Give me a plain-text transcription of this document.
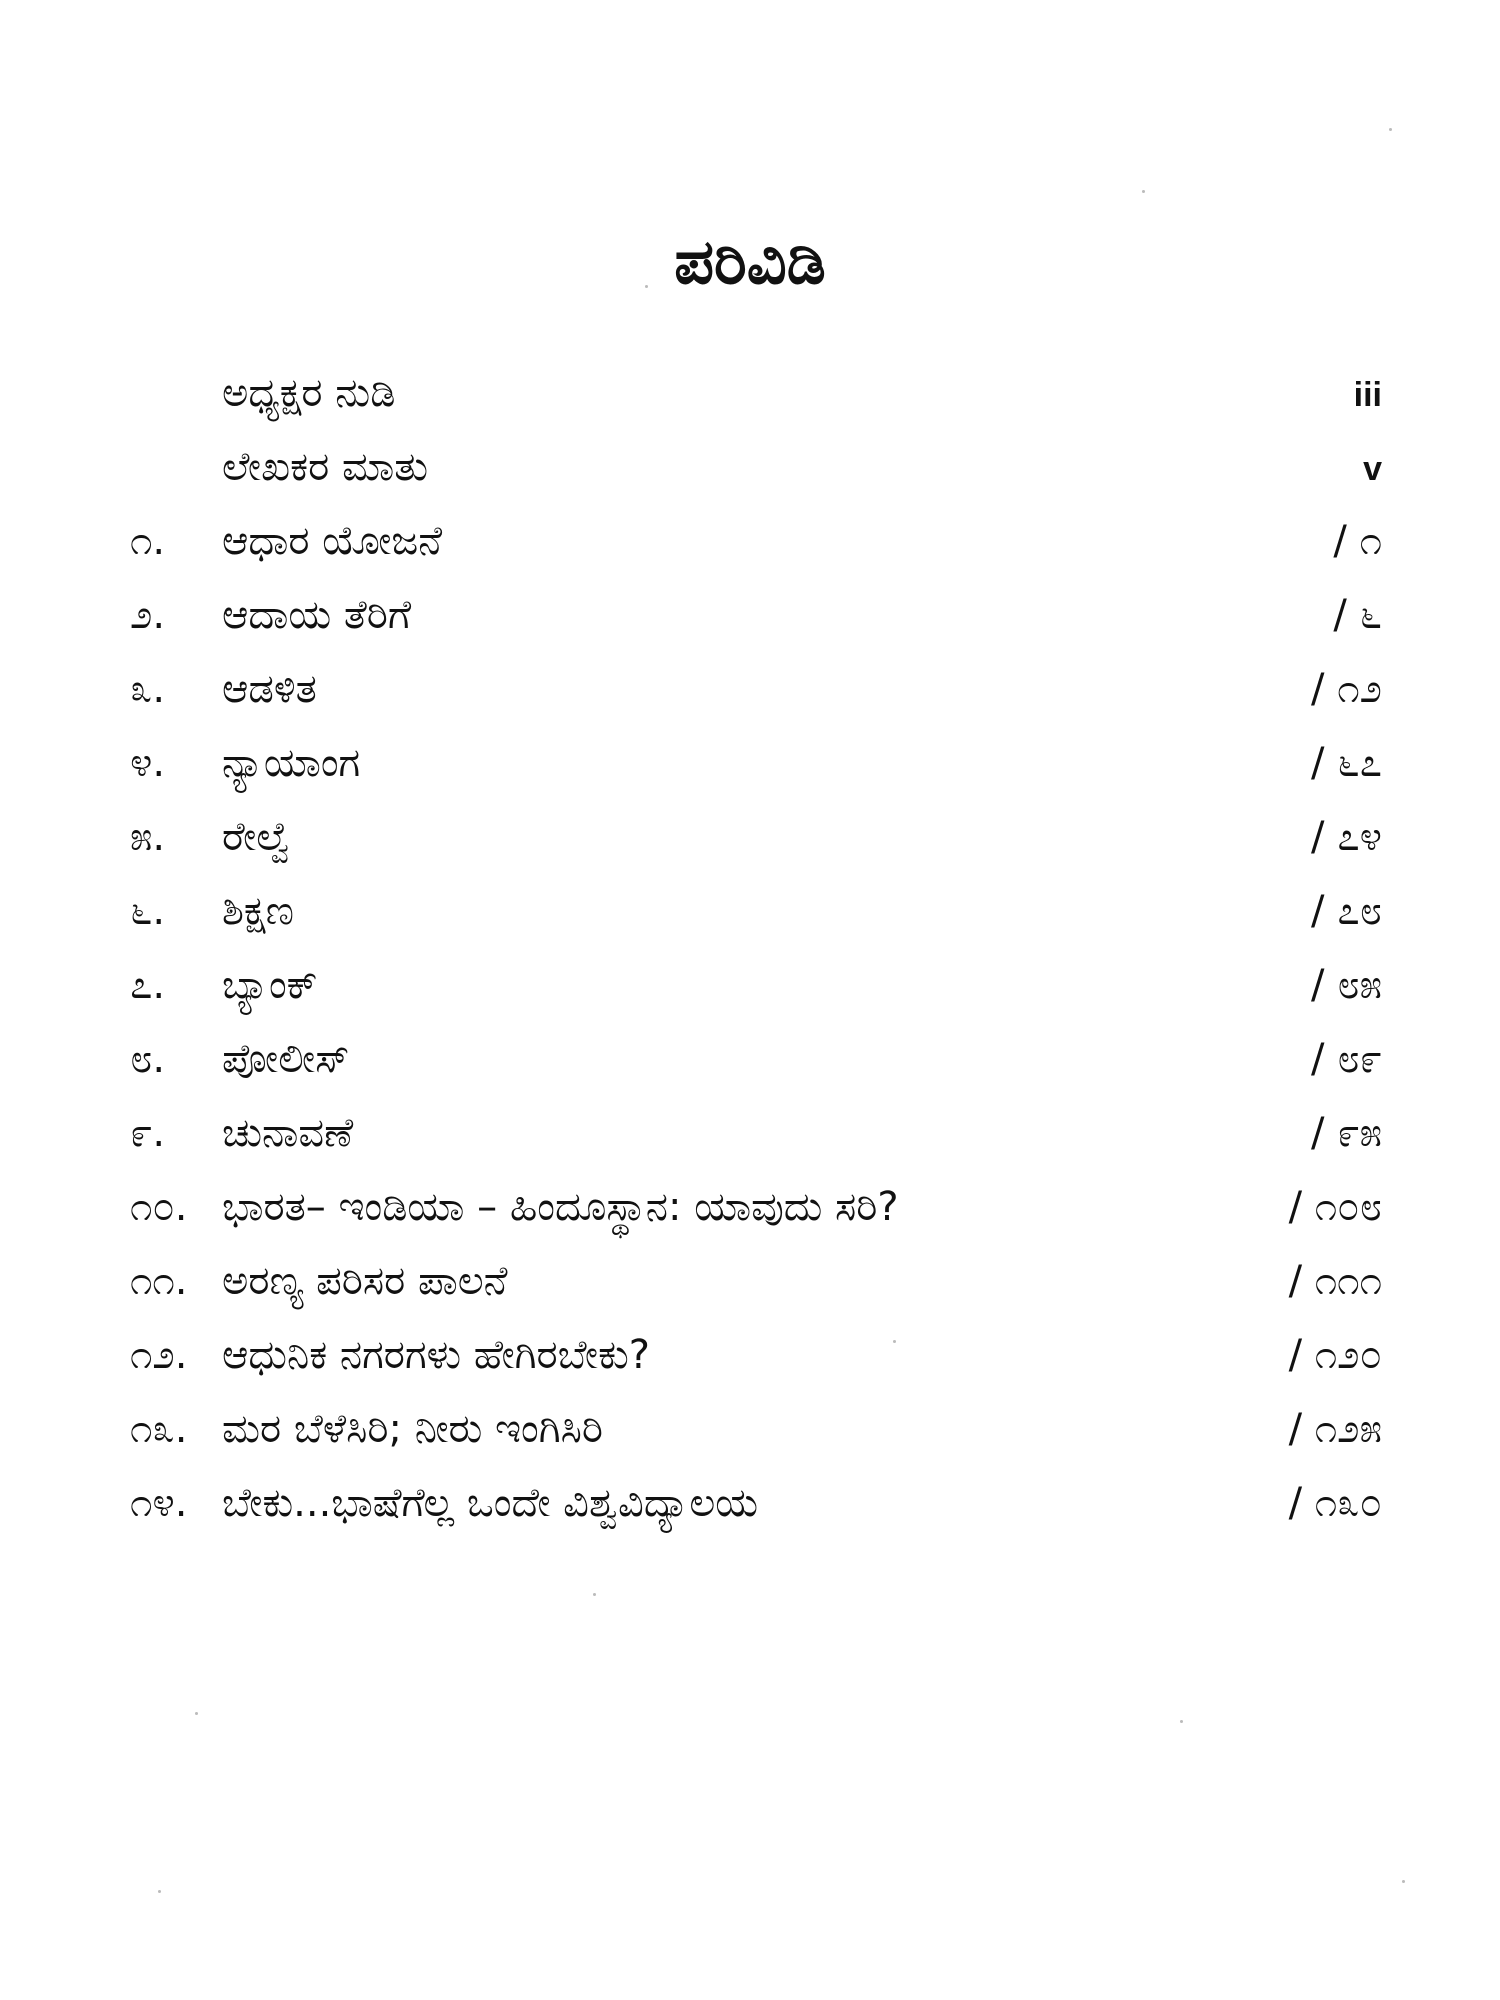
ಪರಿವಿಡಿ
ಅಧ್ಯಕ್ಷರ ನುಡಿ	iii
ಲೇಖಕರ ಮಾತು	v
೧. ಆಧಾರ ಯೋಜನೆ	/ ೧
೨. ಆದಾಯ ತೆರಿಗೆ	/ ೬
೩. ಆಡಳಿತ	/ ೧೨
೪. ನ್ಯಾಯಾಂಗ	/ ೬೭
೫. ರೇಲ್ವೆ	/ ೭೪
೬. ಶಿಕ್ಷಣ	/ ೭೮
೭. ಬ್ಯಾಂಕ್	/ ೮೫
೮. ಪೋಲೀಸ್	/ ೮೯
೯. ಚುನಾವಣೆ	/ ೯೫
೧೦. ಭಾರತ– ಇಂಡಿಯಾ – ಹಿಂದೂಸ್ಥಾನ: ಯಾವುದು ಸರಿ?	/ ೧೦೮
೧೧. ಅರಣ್ಯ ಪರಿಸರ ಪಾಲನೆ	/ ೧೧೧
೧೨. ಆಧುನಿಕ ನಗರಗಳು ಹೇಗಿರಬೇಕು?	/ ೧೨೦
೧೩. ಮರ ಬೆಳೆಸಿರಿ; ನೀರು ಇಂಗಿಸಿರಿ	/ ೧೨೫
೧೪. ಬೇಕು...ಭಾಷೆಗೆಲ್ಲ ಒಂದೇ ವಿಶ್ವವಿದ್ಯಾಲಯ	/ ೧೩೦
